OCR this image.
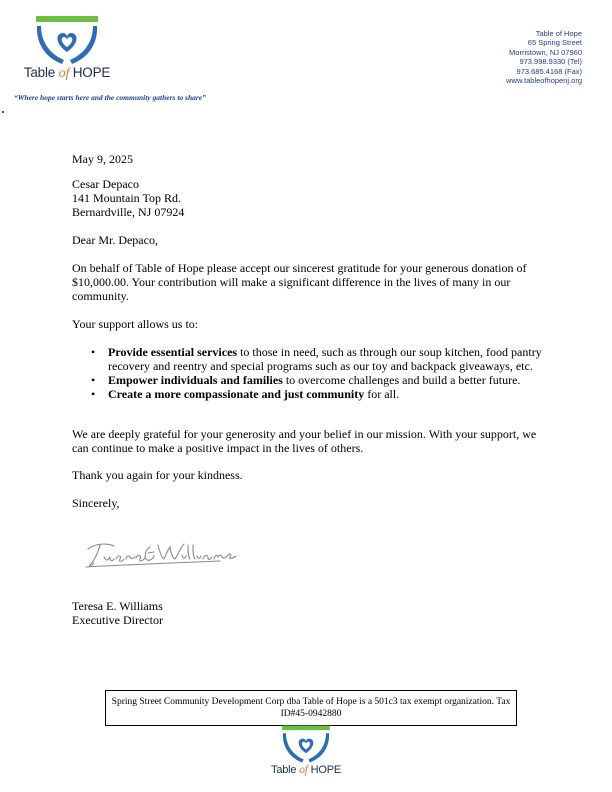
Table of HOPE
“Where hope starts here and the community gathers to share”
Table of Hope
65 Spring Street
Morristown, NJ 07960
973.998.9330 (Tel)
973.685.4168 (Fax)
www.tableofhopenj.org
May 9, 2025
Cesar Depaco
141 Mountain Top Rd.
Bernardville, NJ 07924
Dear Mr. Depaco,
On behalf of Table of Hope please accept our sincerest gratitude for your generous donation of $10,000.00. Your contribution will make a significant difference in the lives of many in our community.
Your support allows us to:
• Provide essential services to those in need, such as through our soup kitchen, food pantry recovery and reentry and special programs such as our toy and backpack giveaways, etc.
• Empower individuals and families to overcome challenges and build a better future.
• Create a more compassionate and just community for all.
We are deeply grateful for your generosity and your belief in our mission. With your support, we can continue to make a positive impact in the lives of others.
Thank you again for your kindness.
Sincerely,
Teresa E. Williams
Executive Director
Spring Street Community Development Corp dba Table of Hope is a 501c3 tax exempt organization. Tax ID#45-0942880
Table of HOPE
